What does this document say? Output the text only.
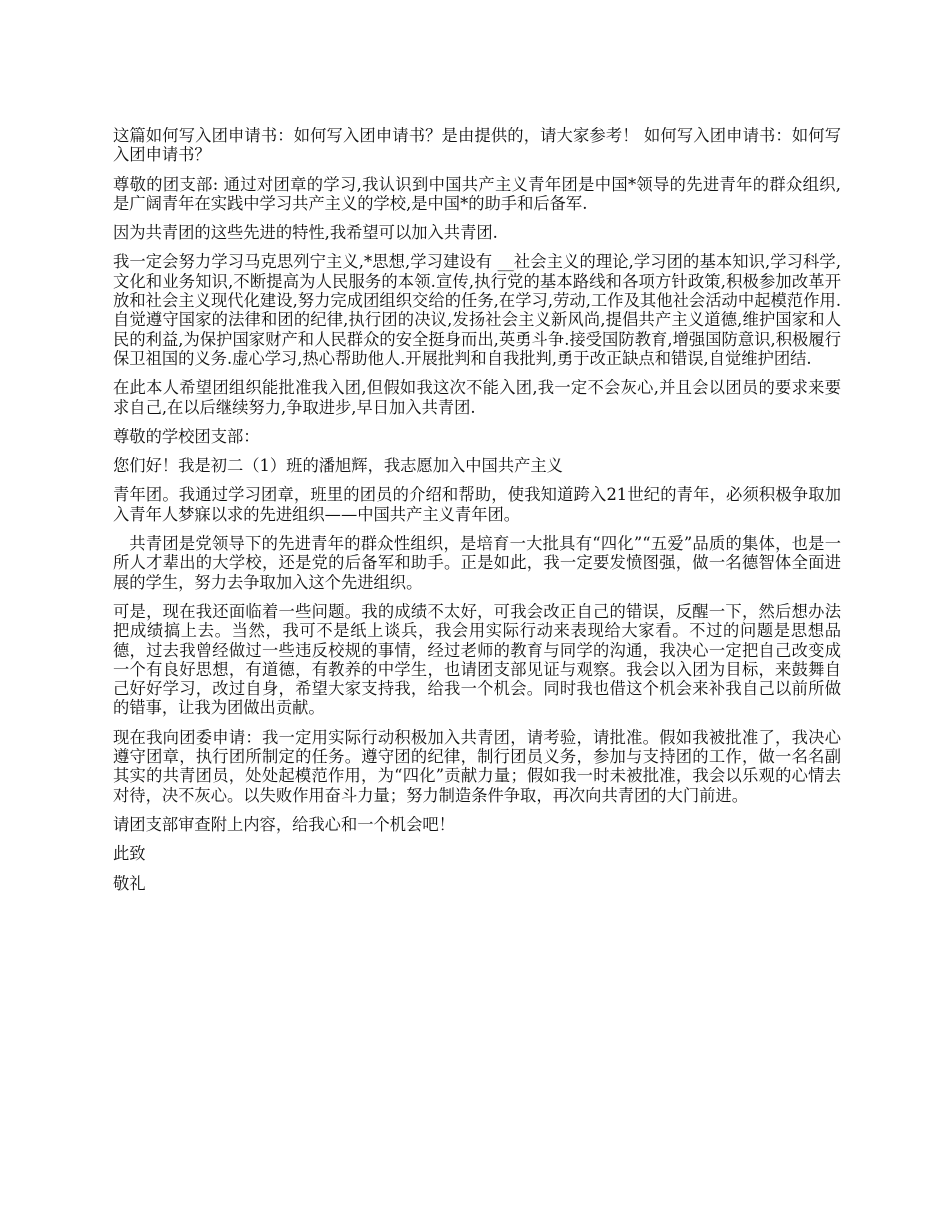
这篇如何写入团申请书：如何写入团申请书？是由提供的，请大家参考！ 如何写入团申请书：如何写入团申请书？

尊敬的团支部: 通过对团章的学习,我认识到中国共产主义青年团是中国*领导的先进青年的群众组织,是广阔青年在实践中学习共产主义的学校,是中国*的助手和后备军.

因为共青团的这些先进的特性,我希望可以加入共青团.

我一定会努力学习马克思列宁主义,*思想,学习建设有 __社会主义的理论,学习团的基本知识,学习科学,文化和业务知识,不断提高为人民服务的本领.宣传,执行党的基本路线和各项方针政策,积极参加改革开放和社会主义现代化建设,努力完成团组织交给的任务,在学习,劳动,工作及其他社会活动中起模范作用.自觉遵守国家的法律和团的纪律,执行团的决议,发扬社会主义新风尚,提倡共产主义道德,维护国家和人民的利益,为保护国家财产和人民群众的安全挺身而出,英勇斗争.接受国防教育,增强国防意识,积极履行保卫祖国的义务.虚心学习,热心帮助他人.开展批判和自我批判,勇于改正缺点和错误,自觉维护团结.

在此本人希望团组织能批准我入团,但假如我这次不能入团,我一定不会灰心,并且会以团员的要求来要求自己,在以后继续努力,争取进步,早日加入共青团.

尊敬的学校团支部：

您们好！我是初二（1）班的潘旭辉，我志愿加入中国共产主义

青年团。我通过学习团章，班里的团员的介绍和帮助，使我知道跨入21世纪的青年，必须积极争取加入青年人梦寐以求的先进组织——中国共产主义青年团。

共青团是党领导下的先进青年的群众性组织，是培育一大批具有“四化”“五爱”品质的集体，也是一所人才辈出的大学校，还是党的后备军和助手。正是如此，我一定要发愤图强，做一名德智体全面进展的学生，努力去争取加入这个先进组织。

可是，现在我还面临着一些问题。我的成绩不太好，可我会改正自己的错误，反醒一下，然后想办法把成绩搞上去。当然，我可不是纸上谈兵，我会用实际行动来表现给大家看。不过的问题是思想品德，过去我曾经做过一些违反校规的事情，经过老师的教育与同学的沟通，我决心一定把自己改变成一个有良好思想，有道德，有教养的中学生，也请团支部见证与观察。我会以入团为目标，来鼓舞自己好好学习，改过自身，希望大家支持我，给我一个机会。同时我也借这个机会来补我自己以前所做的错事，让我为团做出贡献。

现在我向团委申请：我一定用实际行动积极加入共青团，请考验，请批准。假如我被批准了，我决心遵守团章，执行团所制定的任务。遵守团的纪律，制行团员义务，参加与支持团的工作，做一名名副其实的共青团员，处处起模范作用，为“四化”贡献力量；假如我一时未被批准，我会以乐观的心情去对待，决不灰心。以失败作用奋斗力量；努力制造条件争取，再次向共青团的大门前进。

请团支部审查附上内容，给我心和一个机会吧！

此致

敬礼
